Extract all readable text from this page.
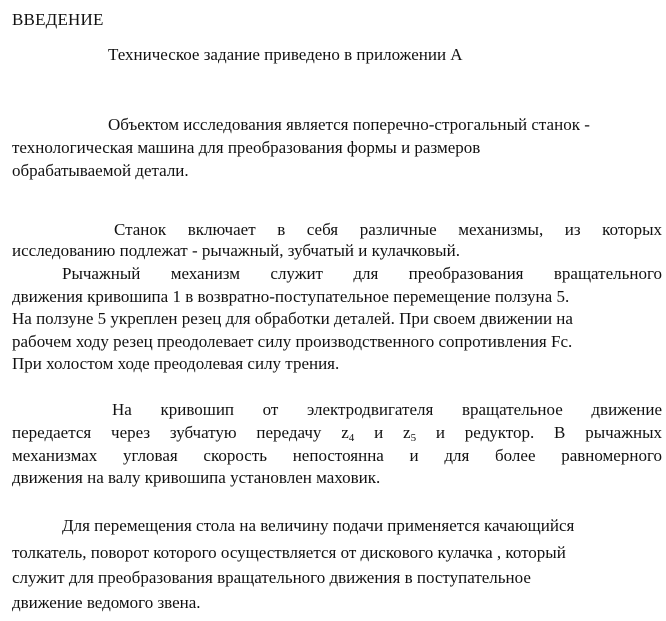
ВВЕДЕНИЕ
Техническое задание приведено в приложении А
Объектом исследования является поперечно-строгальный станок -
технологическая машина для преобразования формы и размеров
обрабатываемой детали.
Станок включает в себя различные механизмы, из которых
исследованию подлежат - рычажный, зубчатый и кулачковый.
Рычажный механизм служит для преобразования вращательного
движения кривошипа 1 в возвратно-поступательное перемещение ползуна 5.
На ползуне 5 укреплен резец для обработки деталей. При своем движении на
рабочем ходу резец преодолевает силу производственного сопротивления Fc.
При холостом ходе преодолевая силу трения.
На кривошип от электродвигателя вращательное движение
передается через зубчатую передачу $z_4$ и $z_5$ и редуктор. В рычажных
механизмах угловая скорость непостоянна и для более равномерного
движения на валу кривошипа установлен маховик.
Для перемещения стола на величину подачи применяется качающийся
толкатель, поворот которого осуществляется от дискового кулачка , который
служит для преобразования вращательного движения в поступательное
движение ведомого звена.
